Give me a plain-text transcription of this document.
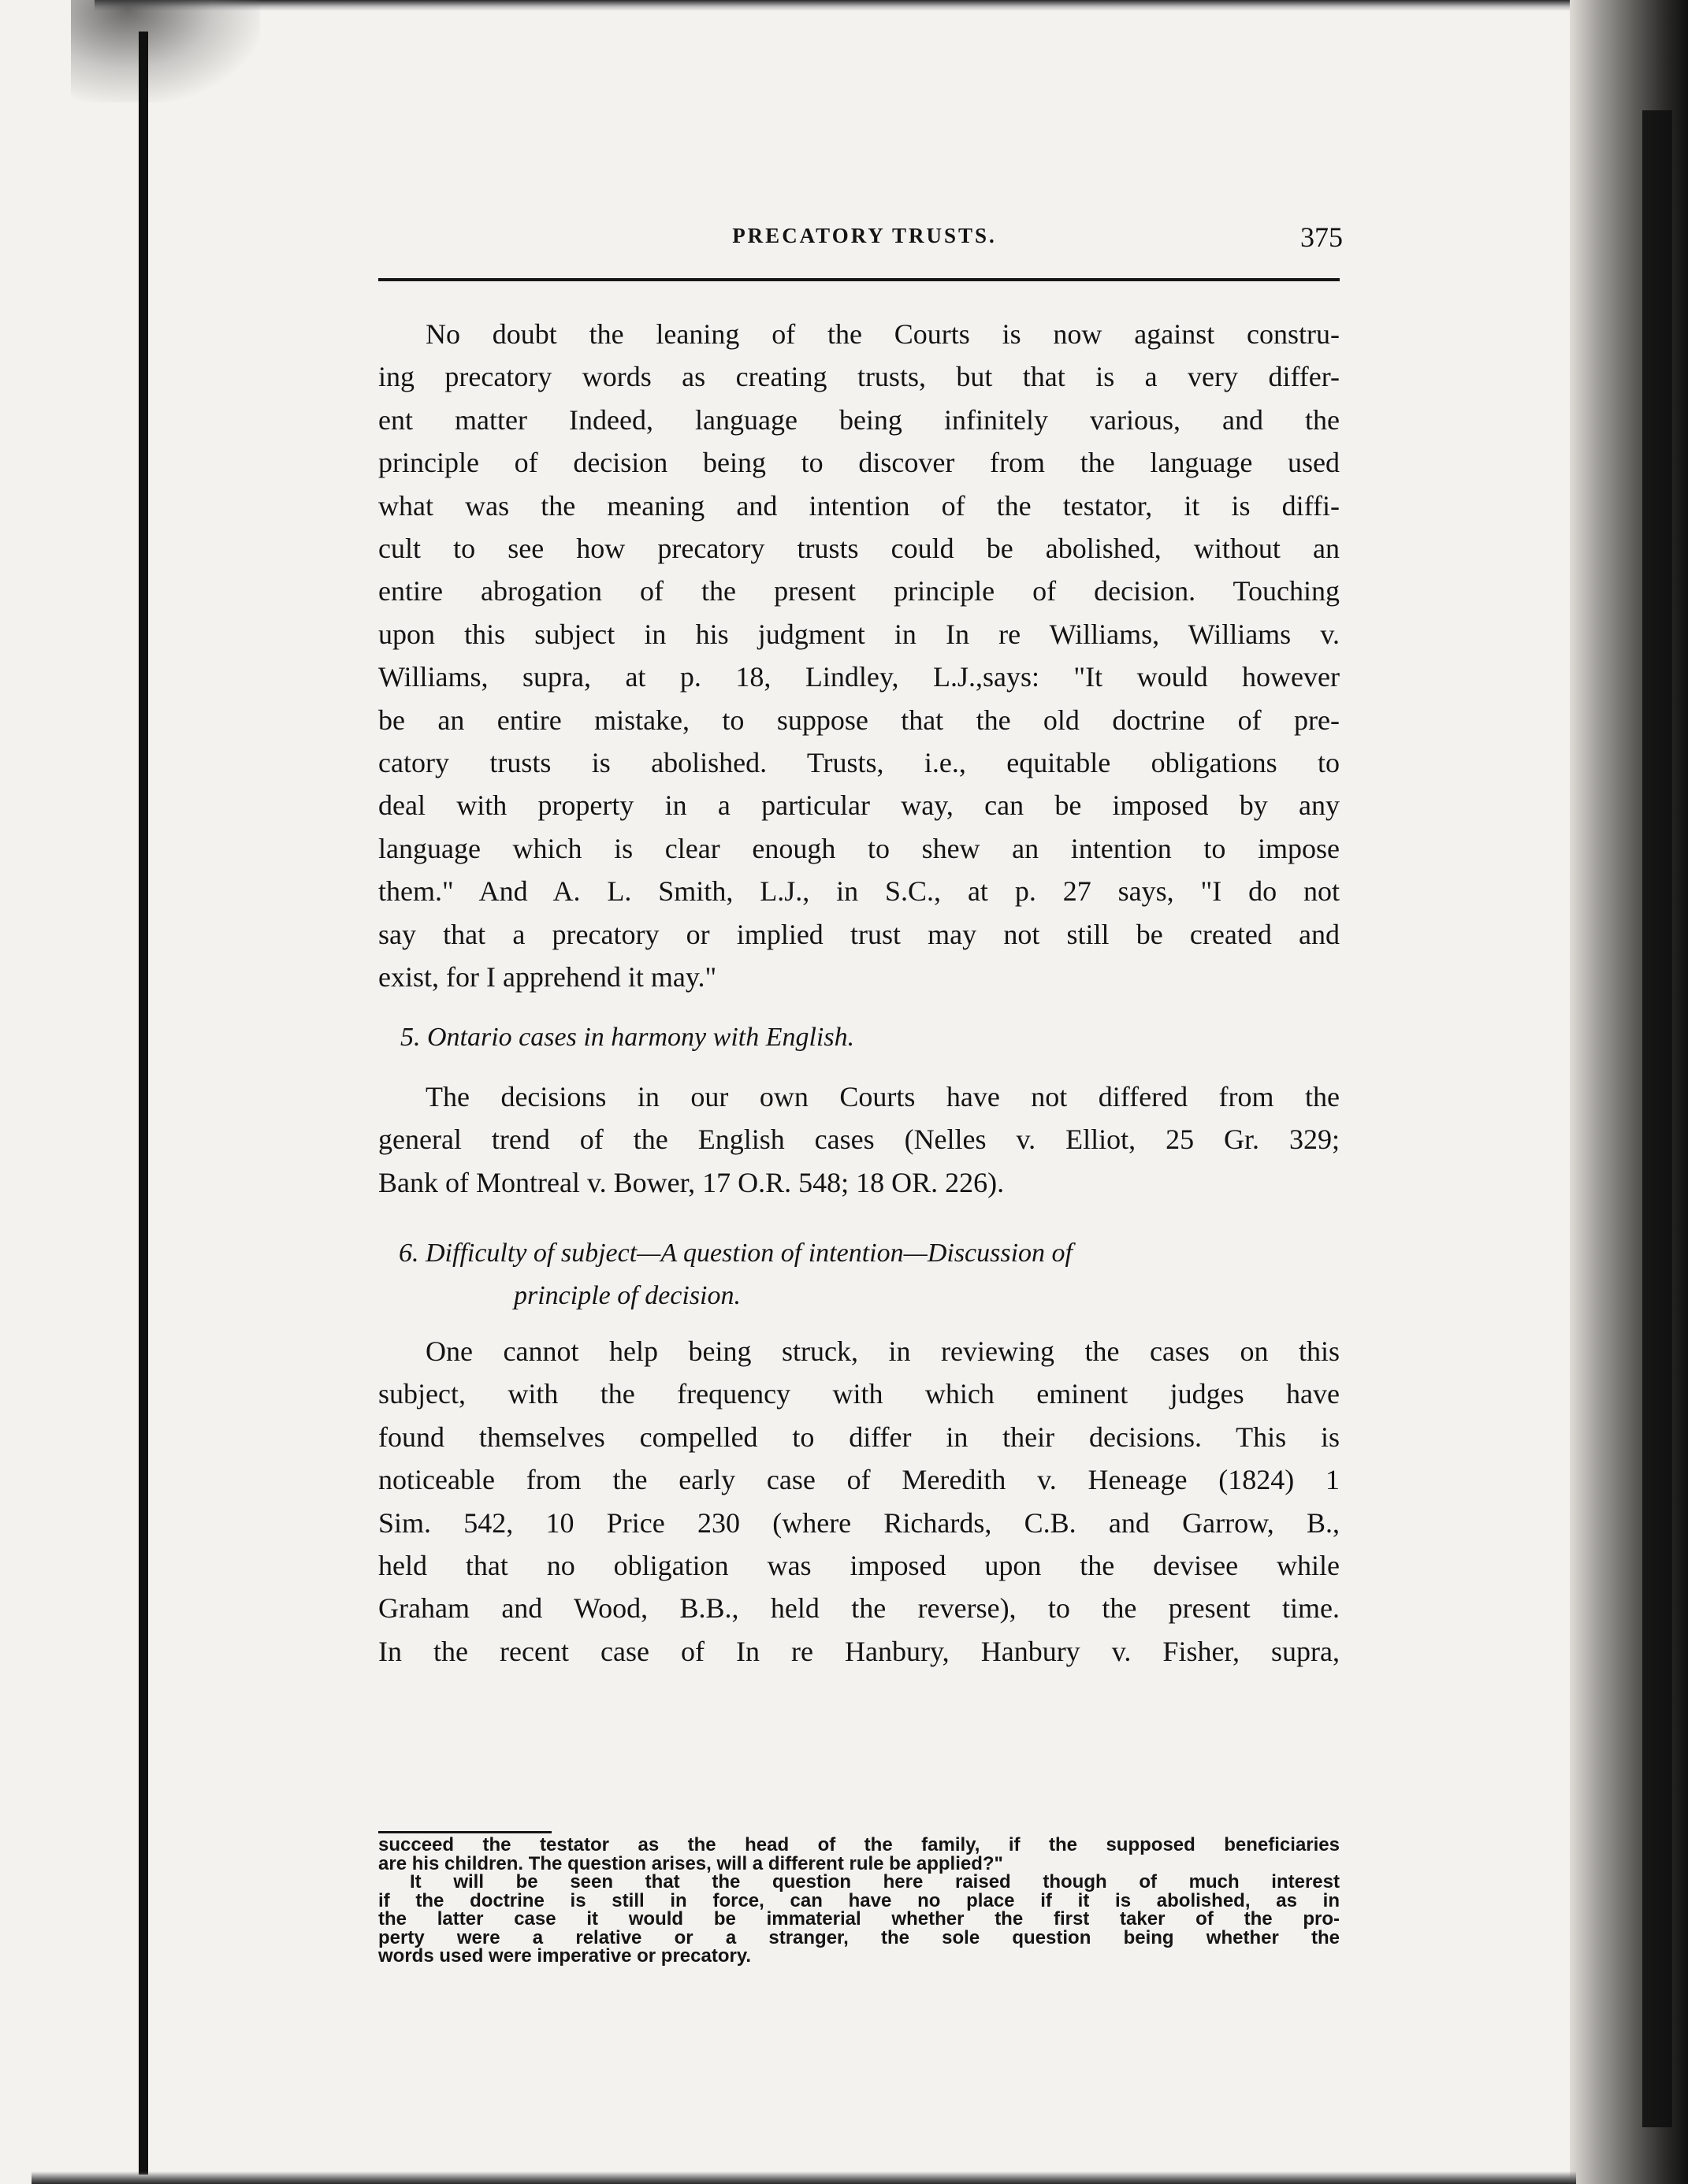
PRECATORY TRUSTS.	375
No doubt the leaning of the Courts is now against constru-
ing precatory words as creating trusts, but that is a very differ-
ent matter Indeed, language being infinitely various, and the
principle of decision being to discover from the language used
what was the meaning and intention of the testator, it is diffi-
cult to see how precatory trusts could be abolished, without an
entire abrogation of the present principle of decision. Touching
upon this subject in his judgment in In re Williams, Williams v.
Williams, supra, at p. 18, Lindley, L.J.,says: "It would however
be an entire mistake, to suppose that the old doctrine of pre-
catory trusts is abolished. Trusts, i.e., equitable obligations to
deal with property in a particular way, can be imposed by any
language which is clear enough to shew an intention to impose
them." And A. L. Smith, L.J., in S.C., at p. 27 says, "I do not
say that a precatory or implied trust may not still be created and
exist, for I apprehend it may."
5. Ontario cases in harmony with English.
The decisions in our own Courts have not differed from the
general trend of the English cases (Nelles v. Elliot, 25 Gr. 329;
Bank of Montreal v. Bower, 17 O.R. 548; 18 OR. 226).
6. Difficulty of subject—A question of intention—Discussion of
principle of decision.
One cannot help being struck, in reviewing the cases on this
subject, with the frequency with which eminent judges have
found themselves compelled to differ in their decisions. This is
noticeable from the early case of Meredith v. Heneage (1824) 1
Sim. 542, 10 Price 230 (where Richards, C.B. and Garrow, B.,
held that no obligation was imposed upon the devisee while
Graham and Wood, B.B., held the reverse), to the present time.
In the recent case of In re Hanbury, Hanbury v. Fisher, supra,
succeed the testator as the head of the family, if the supposed beneficiaries
are his children. The question arises, will a different rule be applied?"
It will be seen that the question here raised though of much interest
if the doctrine is still in force, can have no place if it is abolished, as in
the latter case it would be immaterial whether the first taker of the pro-
perty were a relative or a stranger, the sole question being whether the
words used were imperative or precatory.
